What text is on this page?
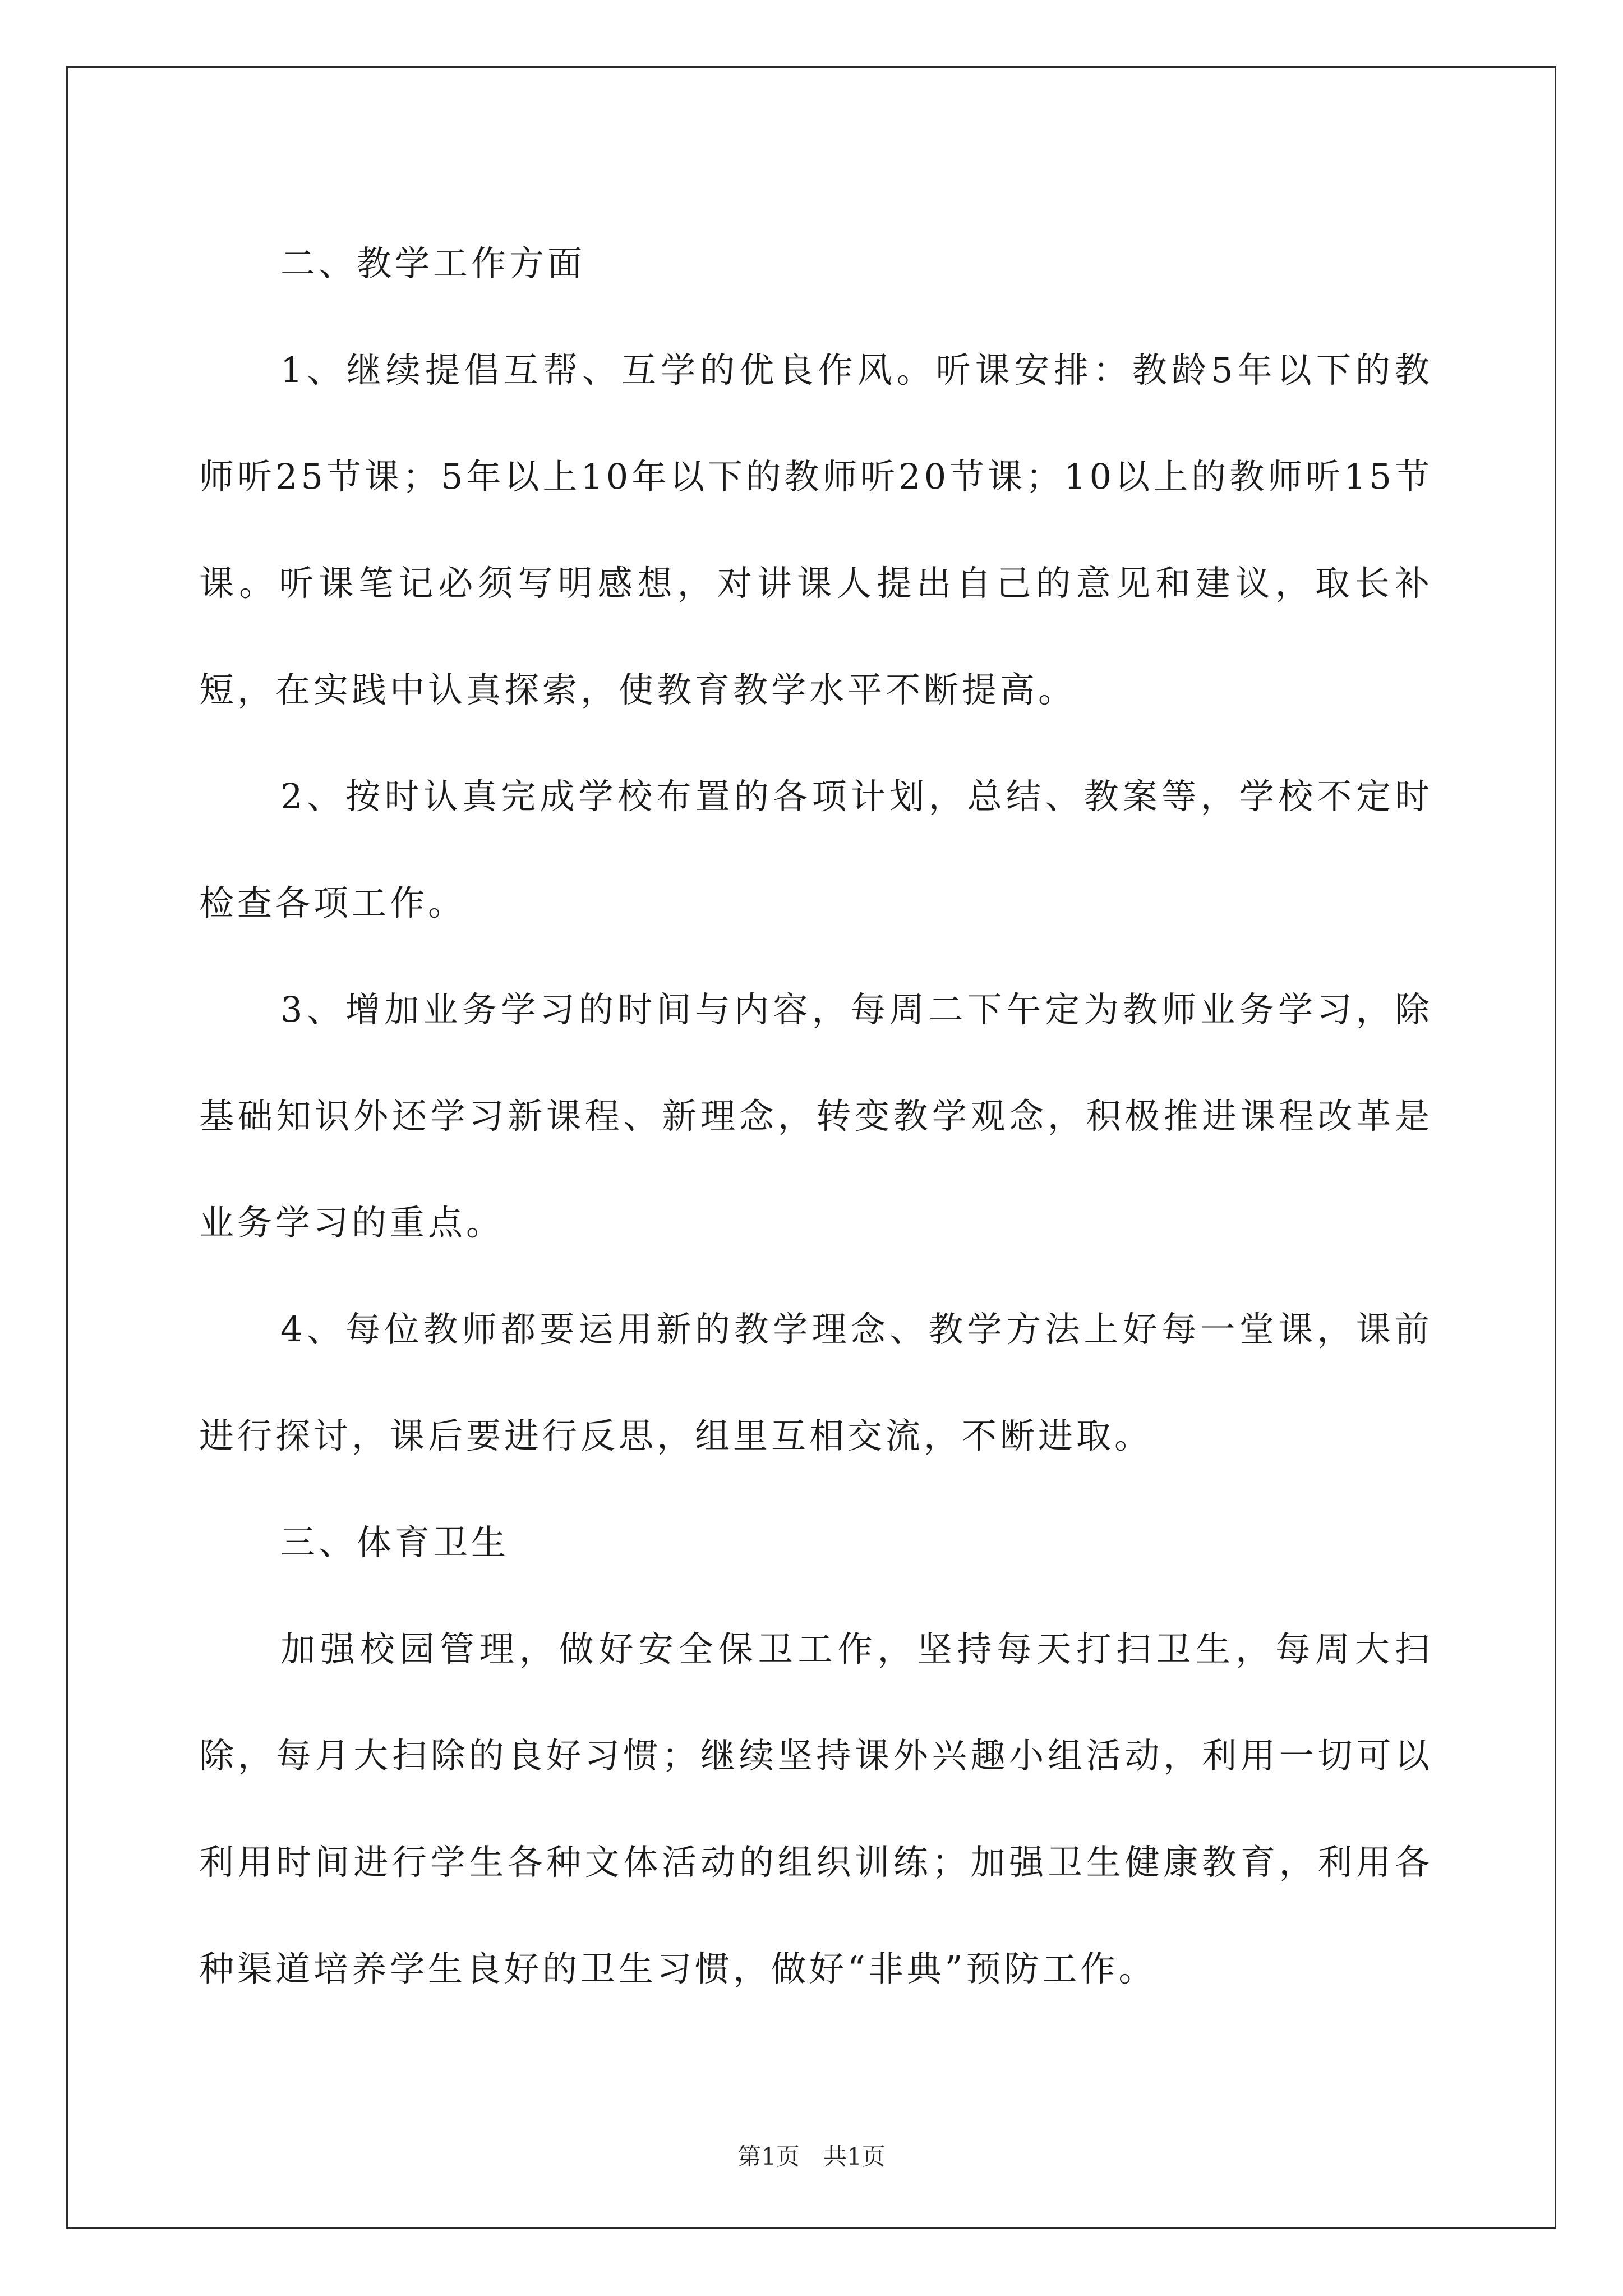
二、教学工作方面

1、继续提倡互帮、互学的优良作风。听课安排：教龄5年以下的教师听25节课；5年以上10年以下的教师听20节课；10以上的教师听15节课。听课笔记必须写明感想，对讲课人提出自己的意见和建议，取长补短，在实践中认真探索，使教育教学水平不断提高。

2、按时认真完成学校布置的各项计划，总结、教案等，学校不定时检查各项工作。

3、增加业务学习的时间与内容，每周二下午定为教师业务学习，除基础知识外还学习新课程、新理念，转变教学观念，积极推进课程改革是业务学习的重点。

4、每位教师都要运用新的教学理念、教学方法上好每一堂课，课前进行探讨，课后要进行反思，组里互相交流，不断进取。

三、体育卫生

加强校园管理，做好安全保卫工作，坚持每天打扫卫生，每周大扫除，每月大扫除的良好习惯；继续坚持课外兴趣小组活动，利用一切可以利用时间进行学生各种文体活动的组织训练；加强卫生健康教育，利用各种渠道培养学生良好的卫生习惯，做好“非典”预防工作。

第1页　共1页
